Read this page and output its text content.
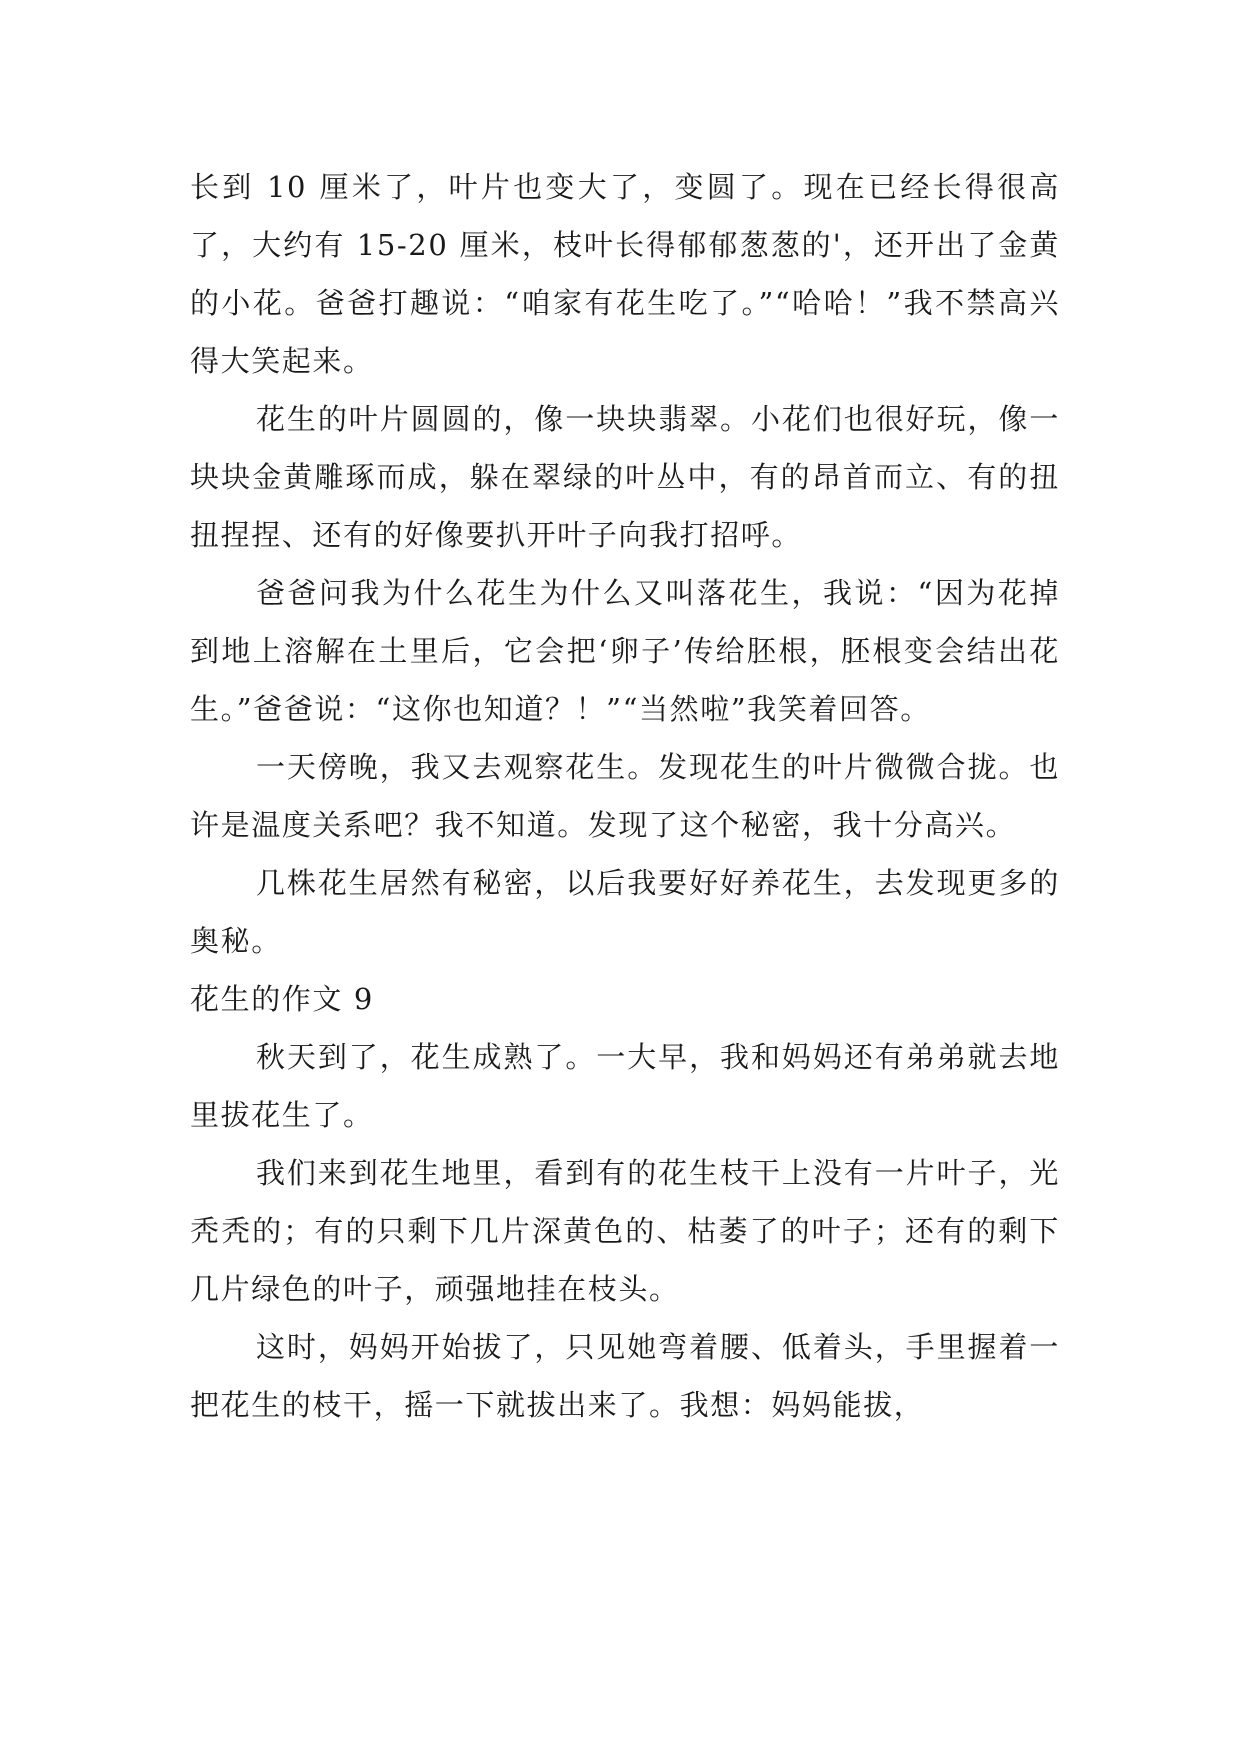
长到 10 厘米了，叶片也变大了，变圆了。现在已经长得很高了，大约有 15-20 厘米，枝叶长得郁郁葱葱的'，还开出了金黄的小花。爸爸打趣说：“咱家有花生吃了。”“哈哈！”我不禁高兴得大笑起来。

花生的叶片圆圆的，像一块块翡翠。小花们也很好玩，像一块块金黄雕琢而成，躲在翠绿的叶丛中，有的昂首而立、有的扭扭捏捏、还有的好像要扒开叶子向我打招呼。

爸爸问我为什么花生为什么又叫落花生，我说：“因为花掉到地上溶解在土里后，它会把‘卵子’传给胚根，胚根变会结出花生。”爸爸说：“这你也知道？！”“当然啦”我笑着回答。

一天傍晚，我又去观察花生。发现花生的叶片微微合拢。也许是温度关系吧？我不知道。发现了这个秘密，我十分高兴。

几株花生居然有秘密，以后我要好好养花生，去发现更多的奥秘。

花生的作文 9

秋天到了，花生成熟了。一大早，我和妈妈还有弟弟就去地里拔花生了。

我们来到花生地里，看到有的花生枝干上没有一片叶子，光秃秃的；有的只剩下几片深黄色的、枯萎了的叶子；还有的剩下几片绿色的叶子，顽强地挂在枝头。

这时，妈妈开始拔了，只见她弯着腰、低着头，手里握着一把花生的枝干，摇一下就拔出来了。我想：妈妈能拔，
